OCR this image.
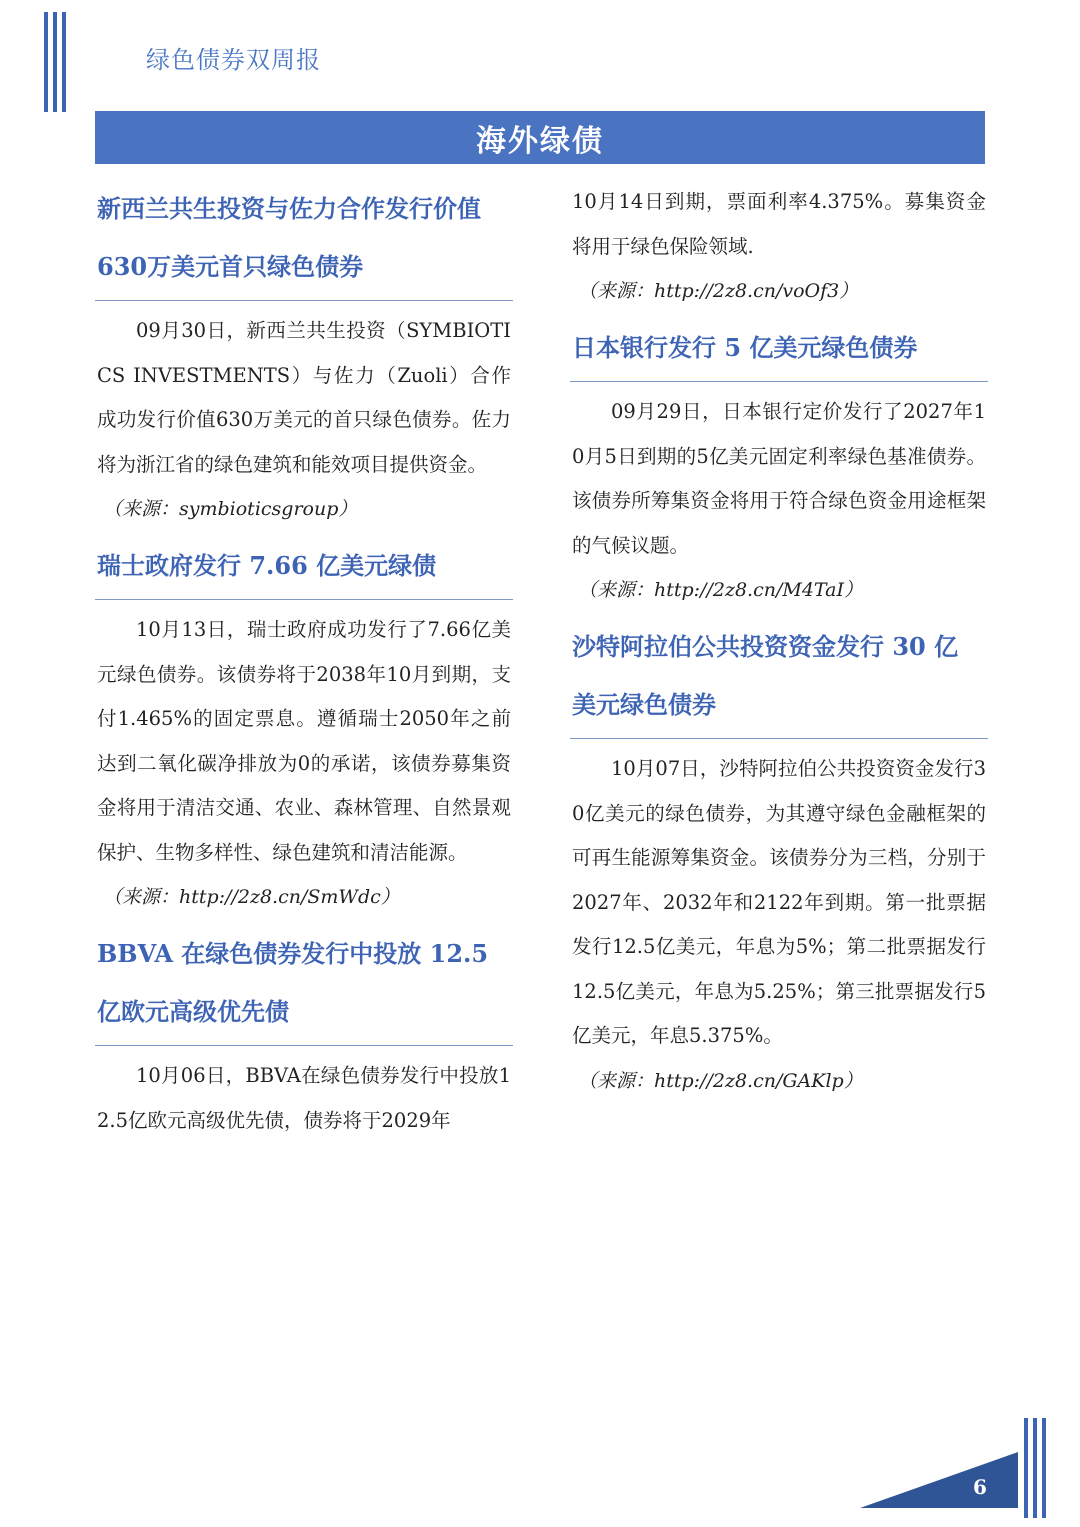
绿色债券双周报
海外绿债
新西兰共生投资与佐力合作发行价值630万美元首只绿色债券

09月30日，新西兰共生投资（SYMBIOTICS INVESTMENTS）与佐力（Zuoli）合作成功发行价值630万美元的首只绿色债券。佐力将为浙江省的绿色建筑和能效项目提供资金。

（来源：symbioticsgroup）

瑞士政府发行 7.66 亿美元绿债

10月13日，瑞士政府成功发行了7.66亿美元绿色债券。该债券将于2038年10月到期，支付1.465%的固定票息。遵循瑞士2050年之前达到二氧化碳净排放为0的承诺，该债券募集资金将用于清洁交通、农业、森林管理、自然景观保护、生物多样性、绿色建筑和清洁能源。

（来源：http://2z8.cn/SmWdc）

BBVA 在绿色债券发行中投放 12.5 亿欧元高级优先债

10月06日，BBVA在绿色债券发行中投放12.5亿欧元高级优先债，债券将于2029年

10月14日到期，票面利率4.375%。募集资金将用于绿色保险领域.

（来源：http://2z8.cn/voOf3）

日本银行发行 5 亿美元绿色债券

09月29日，日本银行定价发行了2027年10月5日到期的5亿美元固定利率绿色基准债券。该债券所筹集资金将用于符合绿色资金用途框架的气候议题。

（来源：http://2z8.cn/M4TaI）

沙特阿拉伯公共投资资金发行 30 亿美元绿色债券

10月07日，沙特阿拉伯公共投资资金发行30亿美元的绿色债券，为其遵守绿色金融框架的可再生能源筹集资金。该债券分为三档，分别于2027年、2032年和2122年到期。第一批票据发行12.5亿美元，年息为5%；第二批票据发行12.5亿美元，年息为5.25%；第三批票据发行5亿美元，年息5.375%。

（来源：http://2z8.cn/GAKlp）

6
